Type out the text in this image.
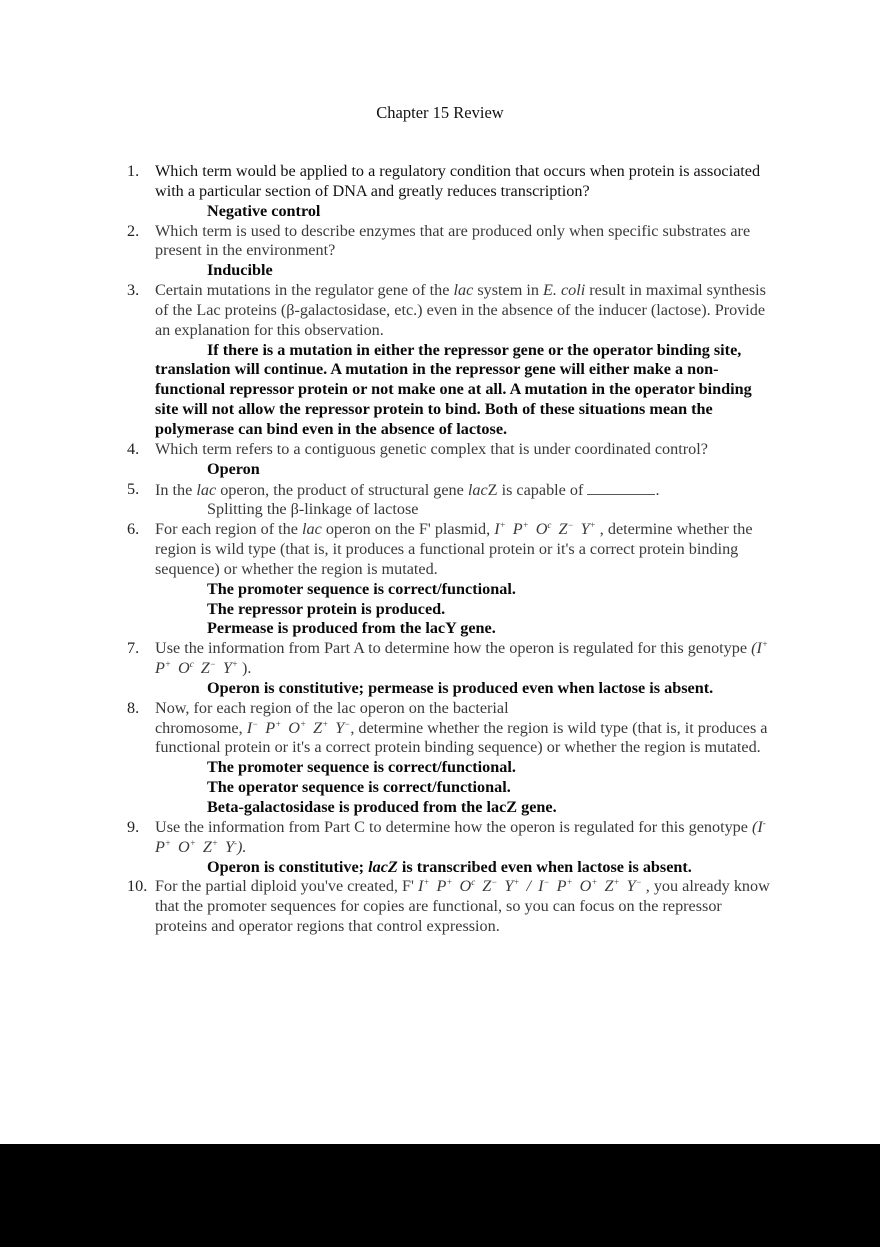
Chapter 15 Review
1. Which term would be applied to a regulatory condition that occurs when protein is associated with a particular section of DNA and greatly reduces transcription?
Negative control
2. Which term is used to describe enzymes that are produced only when specific substrates are present in the environment?
Inducible
3. Certain mutations in the regulator gene of the lac system in E. coli result in maximal synthesis of the Lac proteins (β-galactosidase, etc.) even in the absence of the inducer (lactose). Provide an explanation for this observation.
If there is a mutation in either the repressor gene or the operator binding site, translation will continue. A mutation in the repressor gene will either make a non-functional repressor protein or not make one at all. A mutation in the operator binding site will not allow the repressor protein to bind. Both of these situations mean the polymerase can bind even in the absence of lactose.
4. Which term refers to a contiguous genetic complex that is under coordinated control?
Operon
5. In the lac operon, the product of structural gene lacZ is capable of	.
Splitting the β-linkage of lactose
6. For each region of the lac operon on the F' plasmid, I+ P+ $O^c$ Z− Y+ , determine whether the region is wild type (that is, it produces a functional protein or it's a correct protein binding sequence) or whether the region is mutated.
The promoter sequence is correct/functional.
The repressor protein is produced.
Permease is produced from the lacY gene.
7. Use the information from Part A to determine how the operon is regulated for this genotype (I+ P+ $O^c$ Z− Y+ ).
Operon is constitutive; permease is produced even when lactose is absent.
8. Now, for each region of the lac operon on the bacterial
chromosome, I− P+ O+ Z+ Y−, determine whether the region is wild type (that is, it produces a functional protein or it's a correct protein binding sequence) or whether the region is mutated.
The promoter sequence is correct/functional.
The operator sequence is correct/functional.
Beta-galactosidase is produced from the lacZ gene.
9. Use the information from Part C to determine how the operon is regulated for this genotype (I- P+ O+ Z+ Y-).
Operon is constitutive; lacZ is transcribed even when lactose is absent.
10. For the partial diploid you've created, F' I+ P+ $O^c$ Z− Y+ / I− P+ O+ Z+ Y− , you already know that the promoter sequences for copies are functional, so you can focus on the repressor proteins and operator regions that control expression.
